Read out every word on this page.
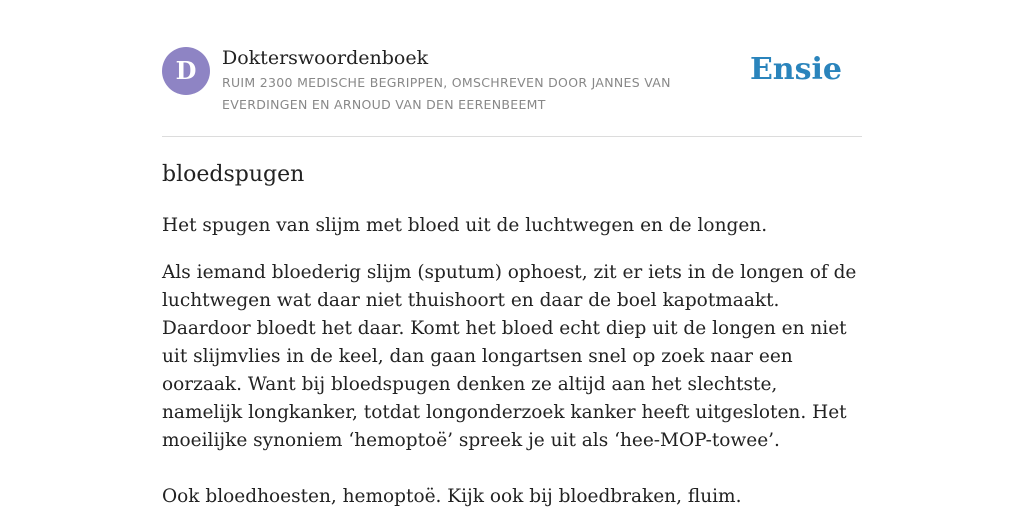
D	Dokterswoordenboek
RUIM 2300 MEDISCHE BEGRIPPEN, OMSCHREVEN DOOR JANNES VAN EVERDINGEN EN ARNOUD VAN DEN EERENBEEMT
Ensie
bloedspugen

Het spugen van slijm met bloed uit de luchtwegen en de longen.

Als iemand bloederig slijm (sputum) ophoest, zit er iets in de longen of de luchtwegen wat daar niet thuishoort en daar de boel kapotmaakt. Daardoor bloedt het daar. Komt het bloed echt diep uit de longen en niet uit slijmvlies in de keel, dan gaan longartsen snel op zoek naar een oorzaak. Want bij bloedspugen denken ze altijd aan het slechtste, namelijk longkanker, totdat longonderzoek kanker heeft uitgesloten. Het moeilijke synoniem ‘hemoptoë’ spreek je uit als ‘hee-MOP-towee’.

Ook bloedhoesten, hemoptoë. Kijk ook bij bloedbraken, fluim.
